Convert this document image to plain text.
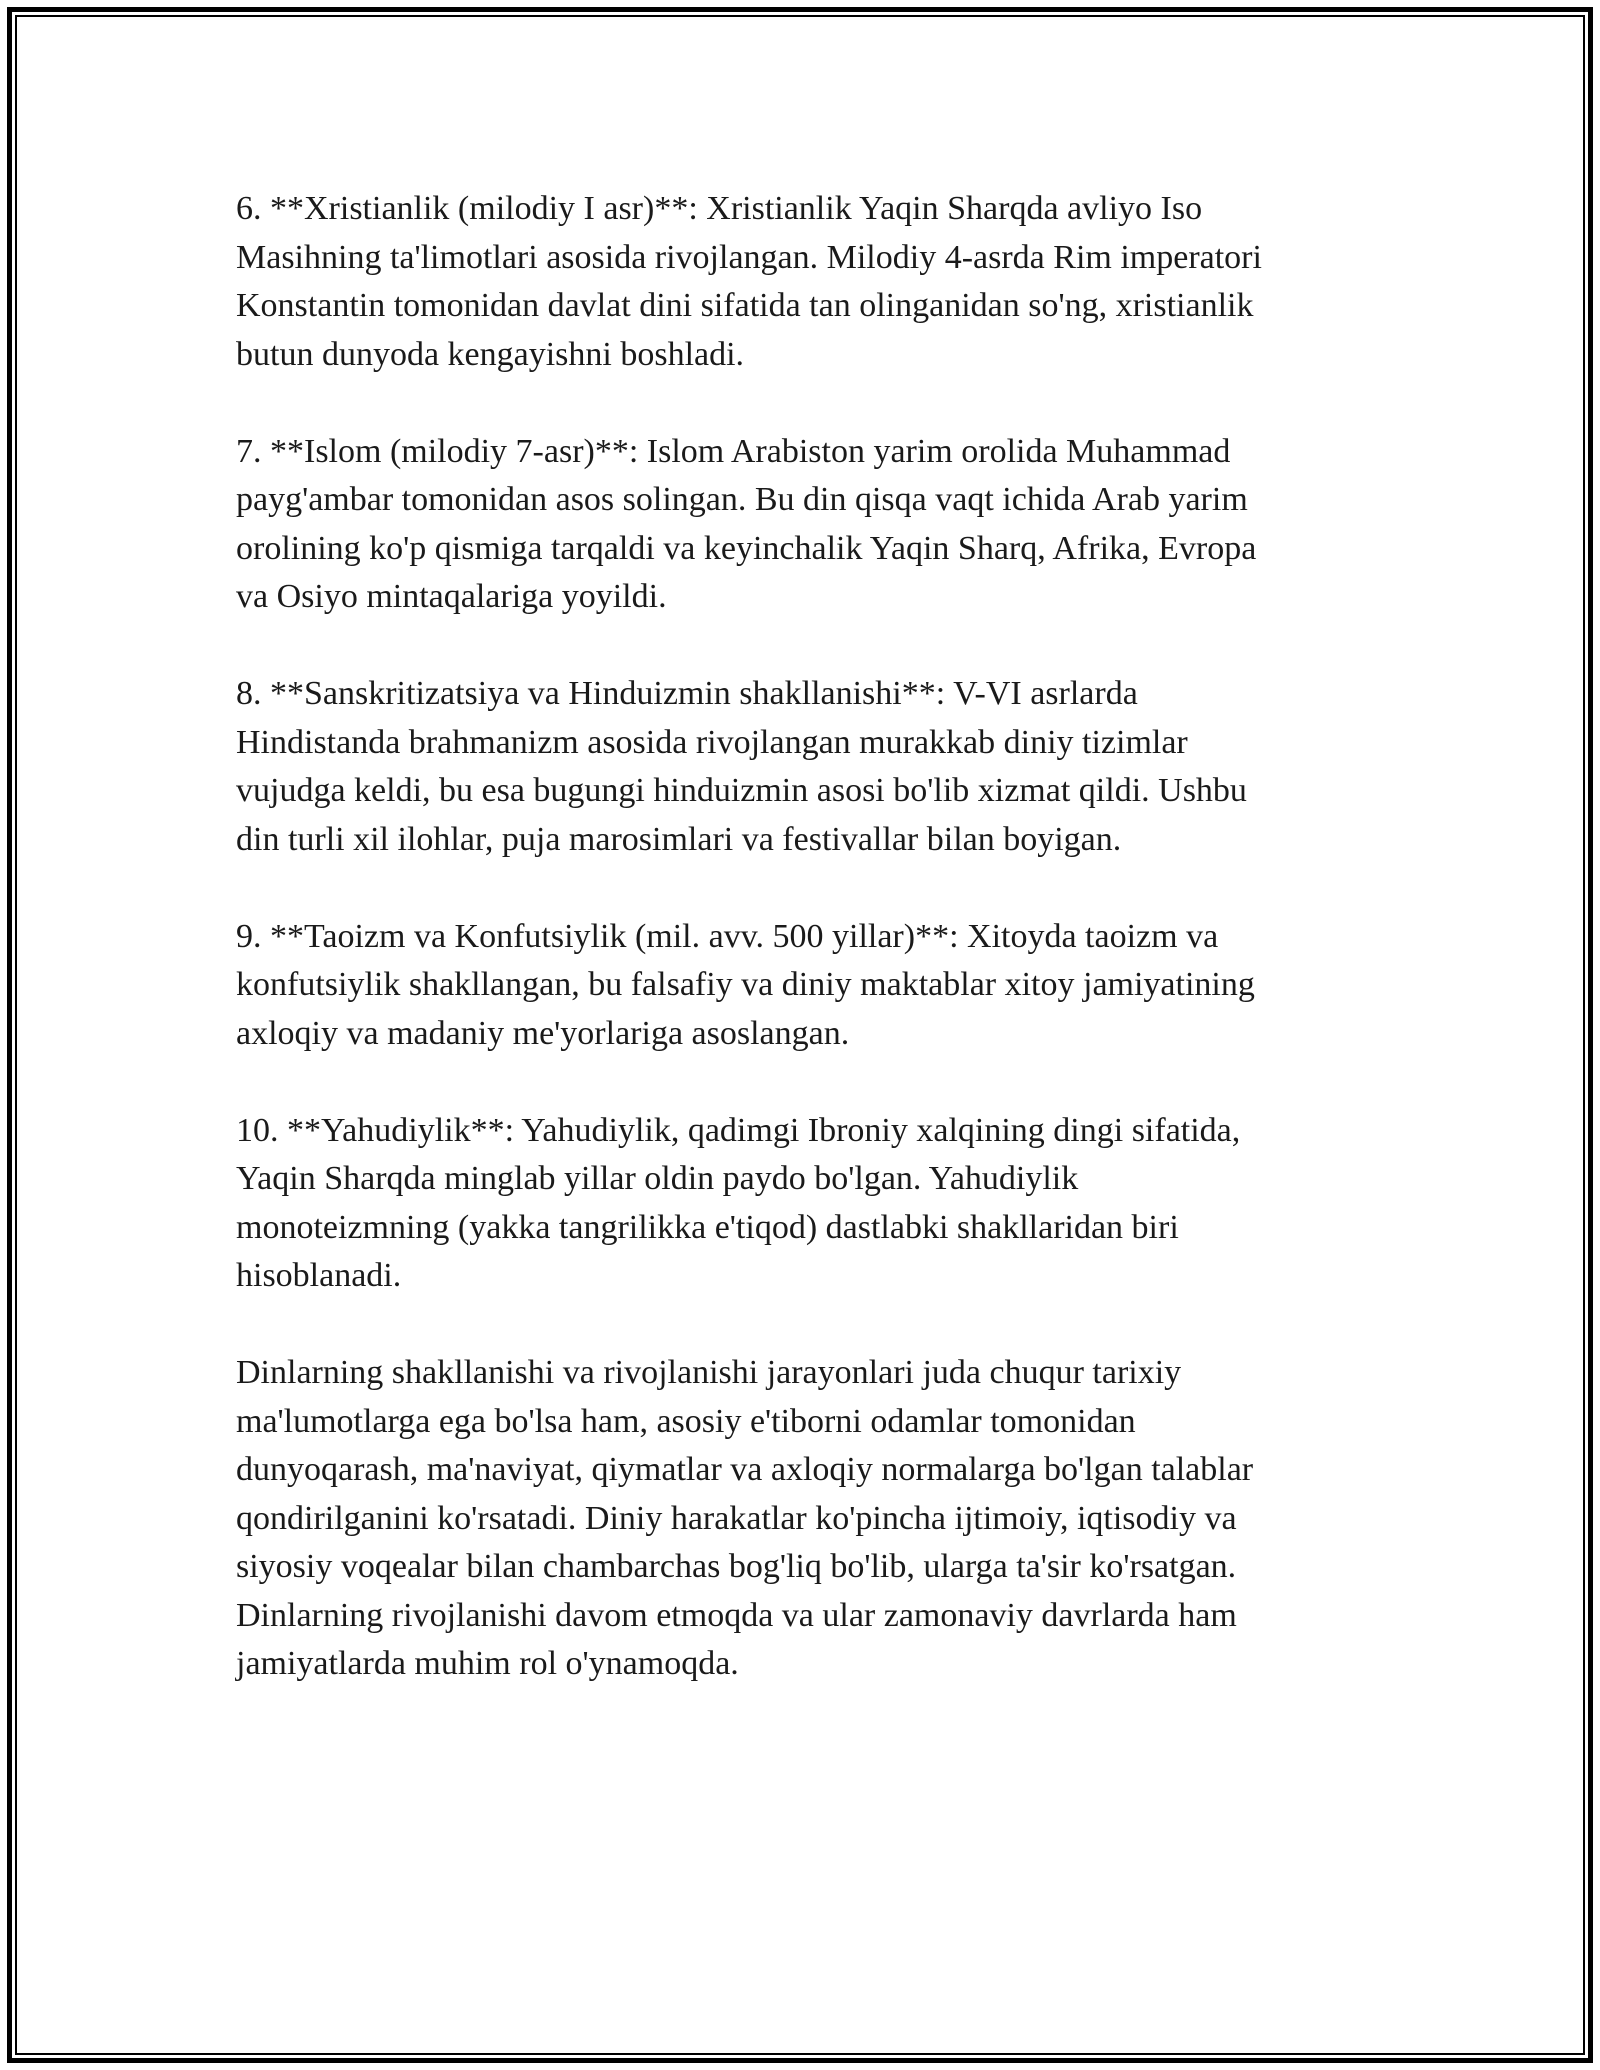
6. **Xristianlik (milodiy I asr)**: Xristianlik Yaqin Sharqda avliyo Iso
Masihning ta'limotlari asosida rivojlangan. Milodiy 4-asrda Rim imperatori
Konstantin tomonidan davlat dini sifatida tan olinganidan so'ng, xristianlik
butun dunyoda kengayishni boshladi.

7. **Islom (milodiy 7-asr)**: Islom Arabiston yarim orolida Muhammad
payg'ambar tomonidan asos solingan. Bu din qisqa vaqt ichida Arab yarim
orolining ko'p qismiga tarqaldi va keyinchalik Yaqin Sharq, Afrika, Evropa
va Osiyo mintaqalariga yoyildi.

8. **Sanskritizatsiya va Hinduizmin shakllanishi**: V-VI asrlarda
Hindistanda brahmanizm asosida rivojlangan murakkab diniy tizimlar
vujudga keldi, bu esa bugungi hinduizmin asosi bo'lib xizmat qildi. Ushbu
din turli xil ilohlar, puja marosimlari va festivallar bilan boyigan.

9. **Taoizm va Konfutsiylik (mil. avv. 500 yillar)**: Xitoyda taoizm va
konfutsiylik shakllangan, bu falsafiy va diniy maktablar xitoy jamiyatining
axloqiy va madaniy me'yorlariga asoslangan.

10. **Yahudiylik**: Yahudiylik, qadimgi Ibroniy xalqining dingi sifatida,
Yaqin Sharqda minglab yillar oldin paydo bo'lgan. Yahudiylik
monoteizmning (yakka tangrilikka e'tiqod) dastlabki shakllaridan biri
hisoblanadi.

Dinlarning shakllanishi va rivojlanishi jarayonlari juda chuqur tarixiy
ma'lumotlarga ega bo'lsa ham, asosiy e'tiborni odamlar tomonidan
dunyoqarash, ma'naviyat, qiymatlar va axloqiy normalarga bo'lgan talablar
qondirilganini ko'rsatadi. Diniy harakatlar ko'pincha ijtimoiy, iqtisodiy va
siyosiy voqealar bilan chambarchas bog'liq bo'lib, ularga ta'sir ko'rsatgan.
Dinlarning rivojlanishi davom etmoqda va ular zamonaviy davrlarda ham
jamiyatlarda muhim rol o'ynamoqda.
